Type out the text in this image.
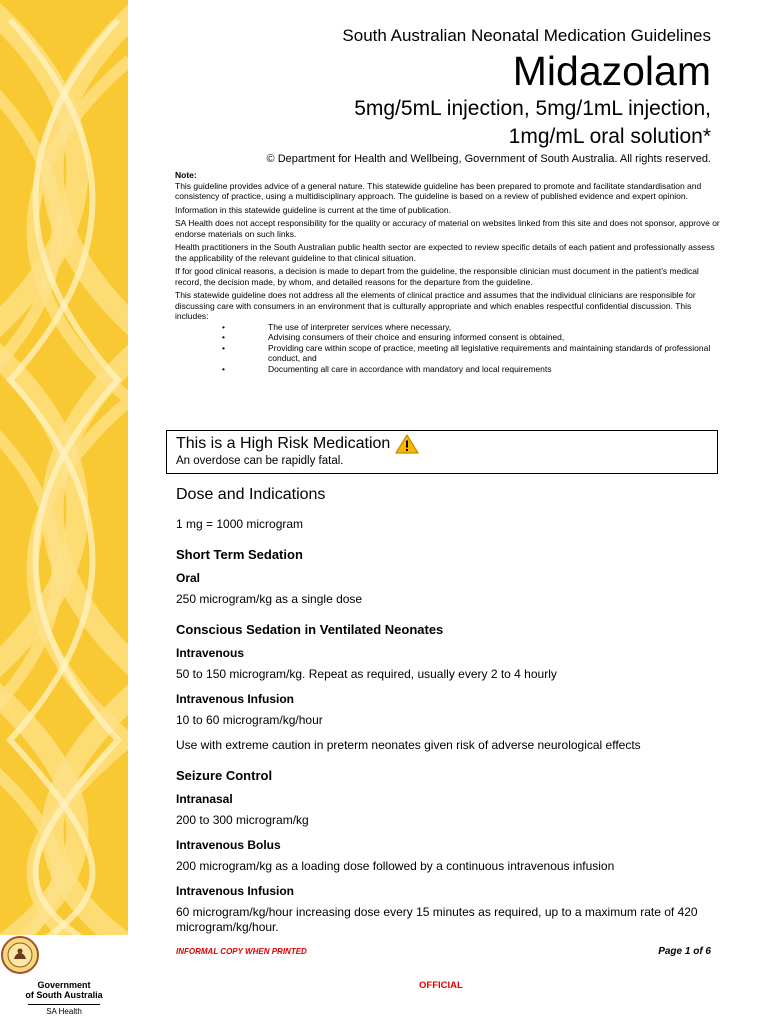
Government
of South Australia
SA Health
South Australian Neonatal Medication Guidelines
Midazolam
5mg/5mL injection, 5mg/1mL injection,
1mg/mL oral solution*
© Department for Health and Wellbeing, Government of South Australia. All rights reserved.

Note:

This guideline provides advice of a general nature. This statewide guideline has been prepared to promote and facilitate standardisation and consistency of practice, using a multidisciplinary approach. The guideline is based on a review of published evidence and expert opinion.

Information in this statewide guideline is current at the time of publication.

SA Health does not accept responsibility for the quality or accuracy of material on websites linked from this site and does not sponsor, approve or endorse materials on such links.

Health practitioners in the South Australian public health sector are expected to review specific details of each patient and professionally assess the applicability of the relevant guideline to that clinical situation.

If for good clinical reasons, a decision is made to depart from the guideline, the responsible clinician must document in the patient’s medical record, the decision made, by whom, and detailed reasons for the departure from the guideline.

This statewide guideline does not address all the elements of clinical practice and assumes that the individual clinicians are responsible for discussing care with consumers in an environment that is culturally appropriate and which enables respectful confidential discussion. This includes:

•	The use of interpreter services where necessary,
•	Advising consumers of their choice and ensuring informed consent is obtained,
•	Providing care within scope of practice, meeting all legislative requirements and maintaining standards of professional conduct, and
•	Documenting all care in accordance with mandatory and local requirements
This is a High Risk Medication
An overdose can be rapidly fatal.
Dose and Indications
1 mg = 1000 microgram
Short Term Sedation
Oral
250 microgram/kg as a single dose
Conscious Sedation in Ventilated Neonates
Intravenous
50 to 150 microgram/kg. Repeat as required, usually every 2 to 4 hourly
Intravenous Infusion
10 to 60 microgram/kg/hour
Use with extreme caution in preterm neonates given risk of adverse neurological effects
Seizure Control
Intranasal
200 to 300 microgram/kg
Intravenous Bolus
200 microgram/kg as a loading dose followed by a continuous intravenous infusion
Intravenous Infusion
60 microgram/kg/hour increasing dose every 15 minutes as required, up to a maximum rate of 420 microgram/kg/hour.
INFORMAL COPY WHEN PRINTED	Page 1 of 6
OFFICIAL
